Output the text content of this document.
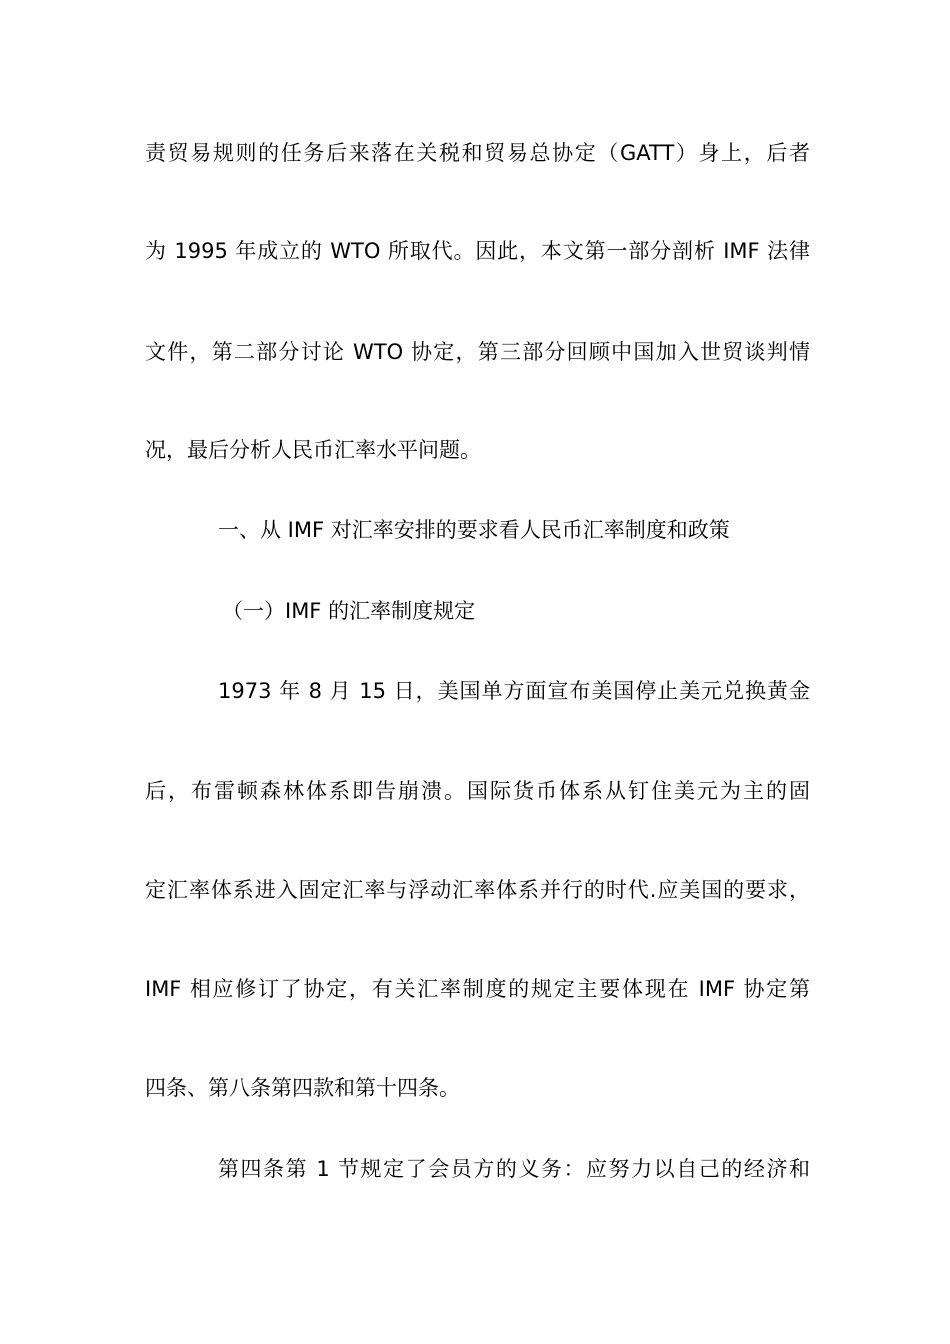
责贸易规则的任务后来落在关税和贸易总协定（GATT）身上，后者
为 1995 年成立的 WTO 所取代。因此，本文第一部分剖析 IMF 法律
文件，第二部分讨论 WTO 协定，第三部分回顾中国加入世贸谈判情
况，最后分析人民币汇率水平问题。
一、从 IMF 对汇率安排的要求看人民币汇率制度和政策
（一）IMF 的汇率制度规定
1973 年 8 月 15 日，美国单方面宣布美国停止美元兑换黄金
后，布雷顿森林体系即告崩溃。国际货币体系从钉住美元为主的固
定汇率体系进入固定汇率与浮动汇率体系并行的时代.应美国的要求，
IMF 相应修订了协定，有关汇率制度的规定主要体现在 IMF 协定第
四条、第八条第四款和第十四条。
第四条第 1 节规定了会员方的义务：应努力以自己的经济和
